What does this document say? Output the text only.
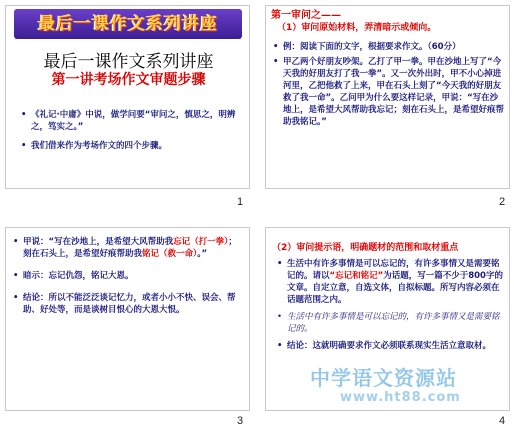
最后一课作文系列讲座
最后一课作文系列讲座
第一讲考场作文审题步骤
• 《礼记·中庸》中说，做学问要“审问之，慎思之，明辨之，笃实之。”
• 我们借来作为考场作文的四个步骤。
1
第一审问之——
（1）审问原始材料，弄清暗示或倾向。
• 例：阅读下面的文字，根据要求作文。（60分）
• 甲乙两个好朋友吵架。乙打了甲一拳。甲在沙地上写了“今天我的好朋友打了我一拳”。又一次外出时，甲不小心掉进河里，乙把他救了上来，甲在石头上刻了“今天我的好朋友救了我一命”。乙问甲为什么要这样记录，甲说：“写在沙地上，是希望大风帮助我忘记；刻在石头上，是希望好痕帮助我铭记。”
2
• 甲说：“写在沙地上，是希望大风帮助我忘记（打一拳）；刻在石头上，是希望好痕帮助我铭记（救一命）。”
• 暗示：忘记仇怨，铭记大恩。
• 结论：所以不能泛泛谈记忆力，或者小小不快、误会、帮助、好处等，而是谈树目恨心的大恩大恨。
3
（2）审问提示语，明确题材的范围和取材重点
• 生活中有许多事情是可以忘记的，有许多事情又是需要铭记的。请以“忘记和铭记”为话题，写一篇不少于800字的文章。自定立意，自选文体，自拟标题。所写内容必须在话题范围之内。
• 生活中有许多事情是可以忘记的，有许多事情又是需要铭记的。
• 结论：这就明确要求作文必须联系现实生活立意取材。
4
中学语文资源站
www.ht88.com
